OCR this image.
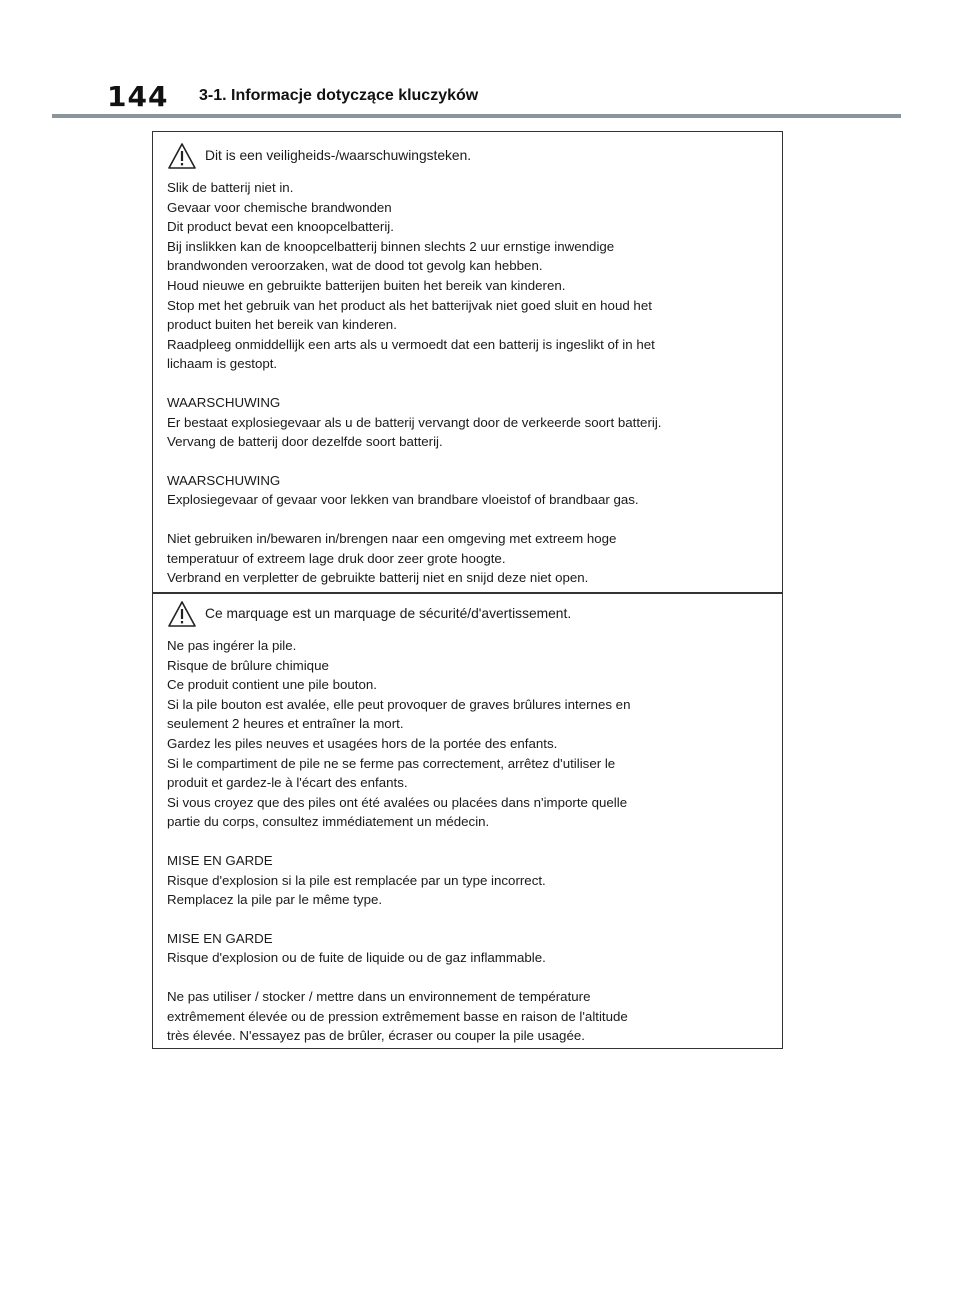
144 3-1. Informacje dotyczące kluczyków
Dit is een veiligheids-/waarschuwingsteken.
Slik de batterij niet in.
Gevaar voor chemische brandwonden
Dit product bevat een knoopcelbatterij.
Bij inslikken kan de knoopcelbatterij binnen slechts 2 uur ernstige inwendige
brandwonden veroorzaken, wat de dood tot gevolg kan hebben.
Houd nieuwe en gebruikte batterijen buiten het bereik van kinderen.
Stop met het gebruik van het product als het batterijvak niet goed sluit en houd het
product buiten het bereik van kinderen.
Raadpleeg onmiddellijk een arts als u vermoedt dat een batterij is ingeslikt of in het
lichaam is gestopt.
WAARSCHUWING
Er bestaat explosiegevaar als u de batterij vervangt door de verkeerde soort batterij.
Vervang de batterij door dezelfde soort batterij.
WAARSCHUWING
Explosiegevaar of gevaar voor lekken van brandbare vloeistof of brandbaar gas.
Niet gebruiken in/bewaren in/brengen naar een omgeving met extreem hoge
temperatuur of extreem lage druk door zeer grote hoogte.
Verbrand en verpletter de gebruikte batterij niet en snijd deze niet open.
Ce marquage est un marquage de sécurité/d'avertissement.
Ne pas ingérer la pile.
Risque de brûlure chimique
Ce produit contient une pile bouton.
Si la pile bouton est avalée, elle peut provoquer de graves brûlures internes en
seulement 2 heures et entraîner la mort.
Gardez les piles neuves et usagées hors de la portée des enfants.
Si le compartiment de pile ne se ferme pas correctement, arrêtez d'utiliser le
produit et gardez-le à l'écart des enfants.
Si vous croyez que des piles ont été avalées ou placées dans n'importe quelle
partie du corps, consultez immédiatement un médecin.
MISE EN GARDE
Risque d'explosion si la pile est remplacée par un type incorrect.
Remplacez la pile par le même type.
MISE EN GARDE
Risque d'explosion ou de fuite de liquide ou de gaz inflammable.
Ne pas utiliser / stocker / mettre dans un environnement de température
extrêmement élevée ou de pression extrêmement basse en raison de l'altitude
très élevée. N'essayez pas de brûler, écraser ou couper la pile usagée.
